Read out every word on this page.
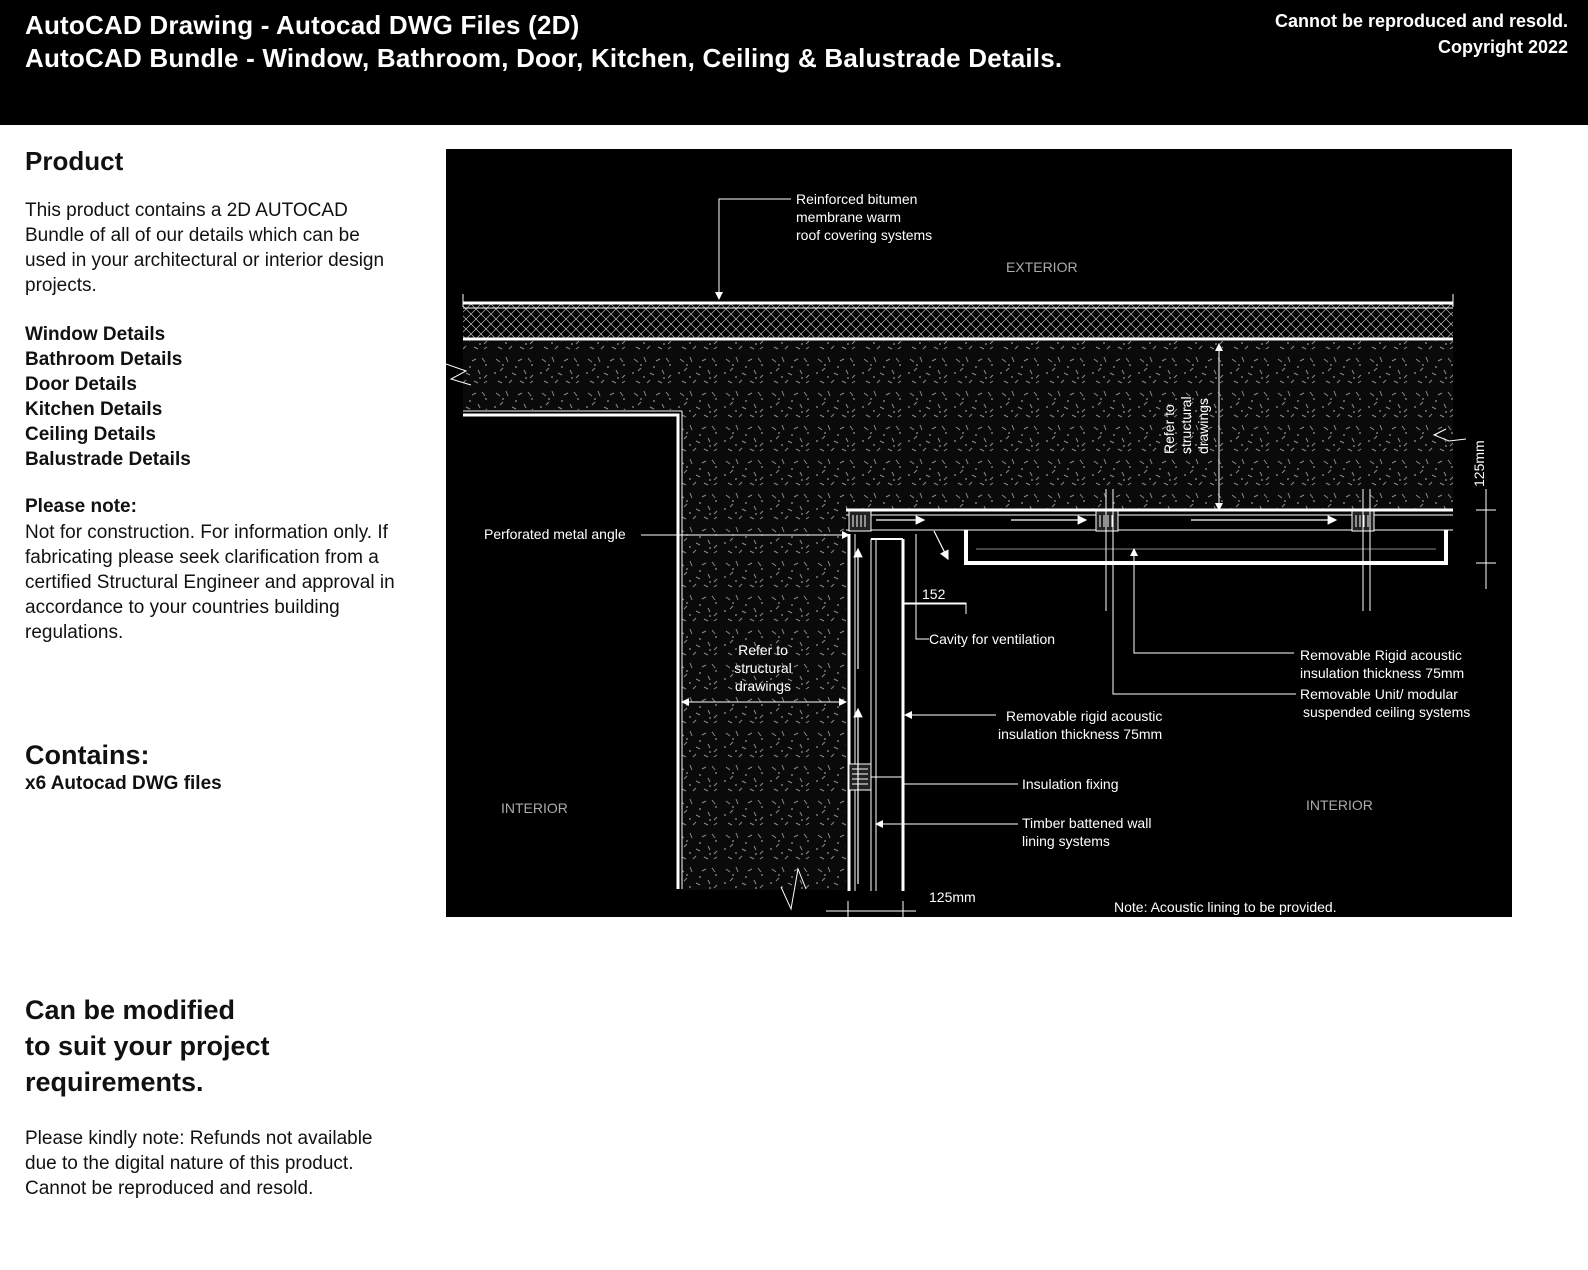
AutoCAD Drawing - Autocad DWG Files (2D)
AutoCAD Bundle - Window, Bathroom, Door, Kitchen, Ceiling & Balustrade Details.
Cannot be reproduced and resold.
Copyright 2022
Product
This product contains a 2D AUTOCAD Bundle of all of our details which can be used in your architectural or interior design projects.
Window Details
Bathroom Details
Door Details
Kitchen Details
Ceiling Details
Balustrade Details
Please note:
Not for construction. For information only. If fabricating please seek clarification from a certified Structural Engineer and approval in accordance to your countries building regulations.
Contains:
x6 Autocad DWG files
Can be modified
to suit your project
requirements.
Please kindly note: Refunds not available due to the digital nature of this product. Cannot be reproduced and resold.
Reinforced bitumen
membrane warm
roof covering systems
EXTERIOR
Perforated metal angle
152
Cavity for ventilation
Removable Rigid acoustic
insulation thickness 75mm
Removable Unit/ modular
suspended ceiling systems
Refer to
structural
drawings
Removable rigid acoustic
insulation thickness 75mm
Insulation fixing
Timber battened wall
lining systems
INTERIOR	INTERIOR
125mm
Note: Acoustic lining to be provided.
Refer to structural drawings
125mm
